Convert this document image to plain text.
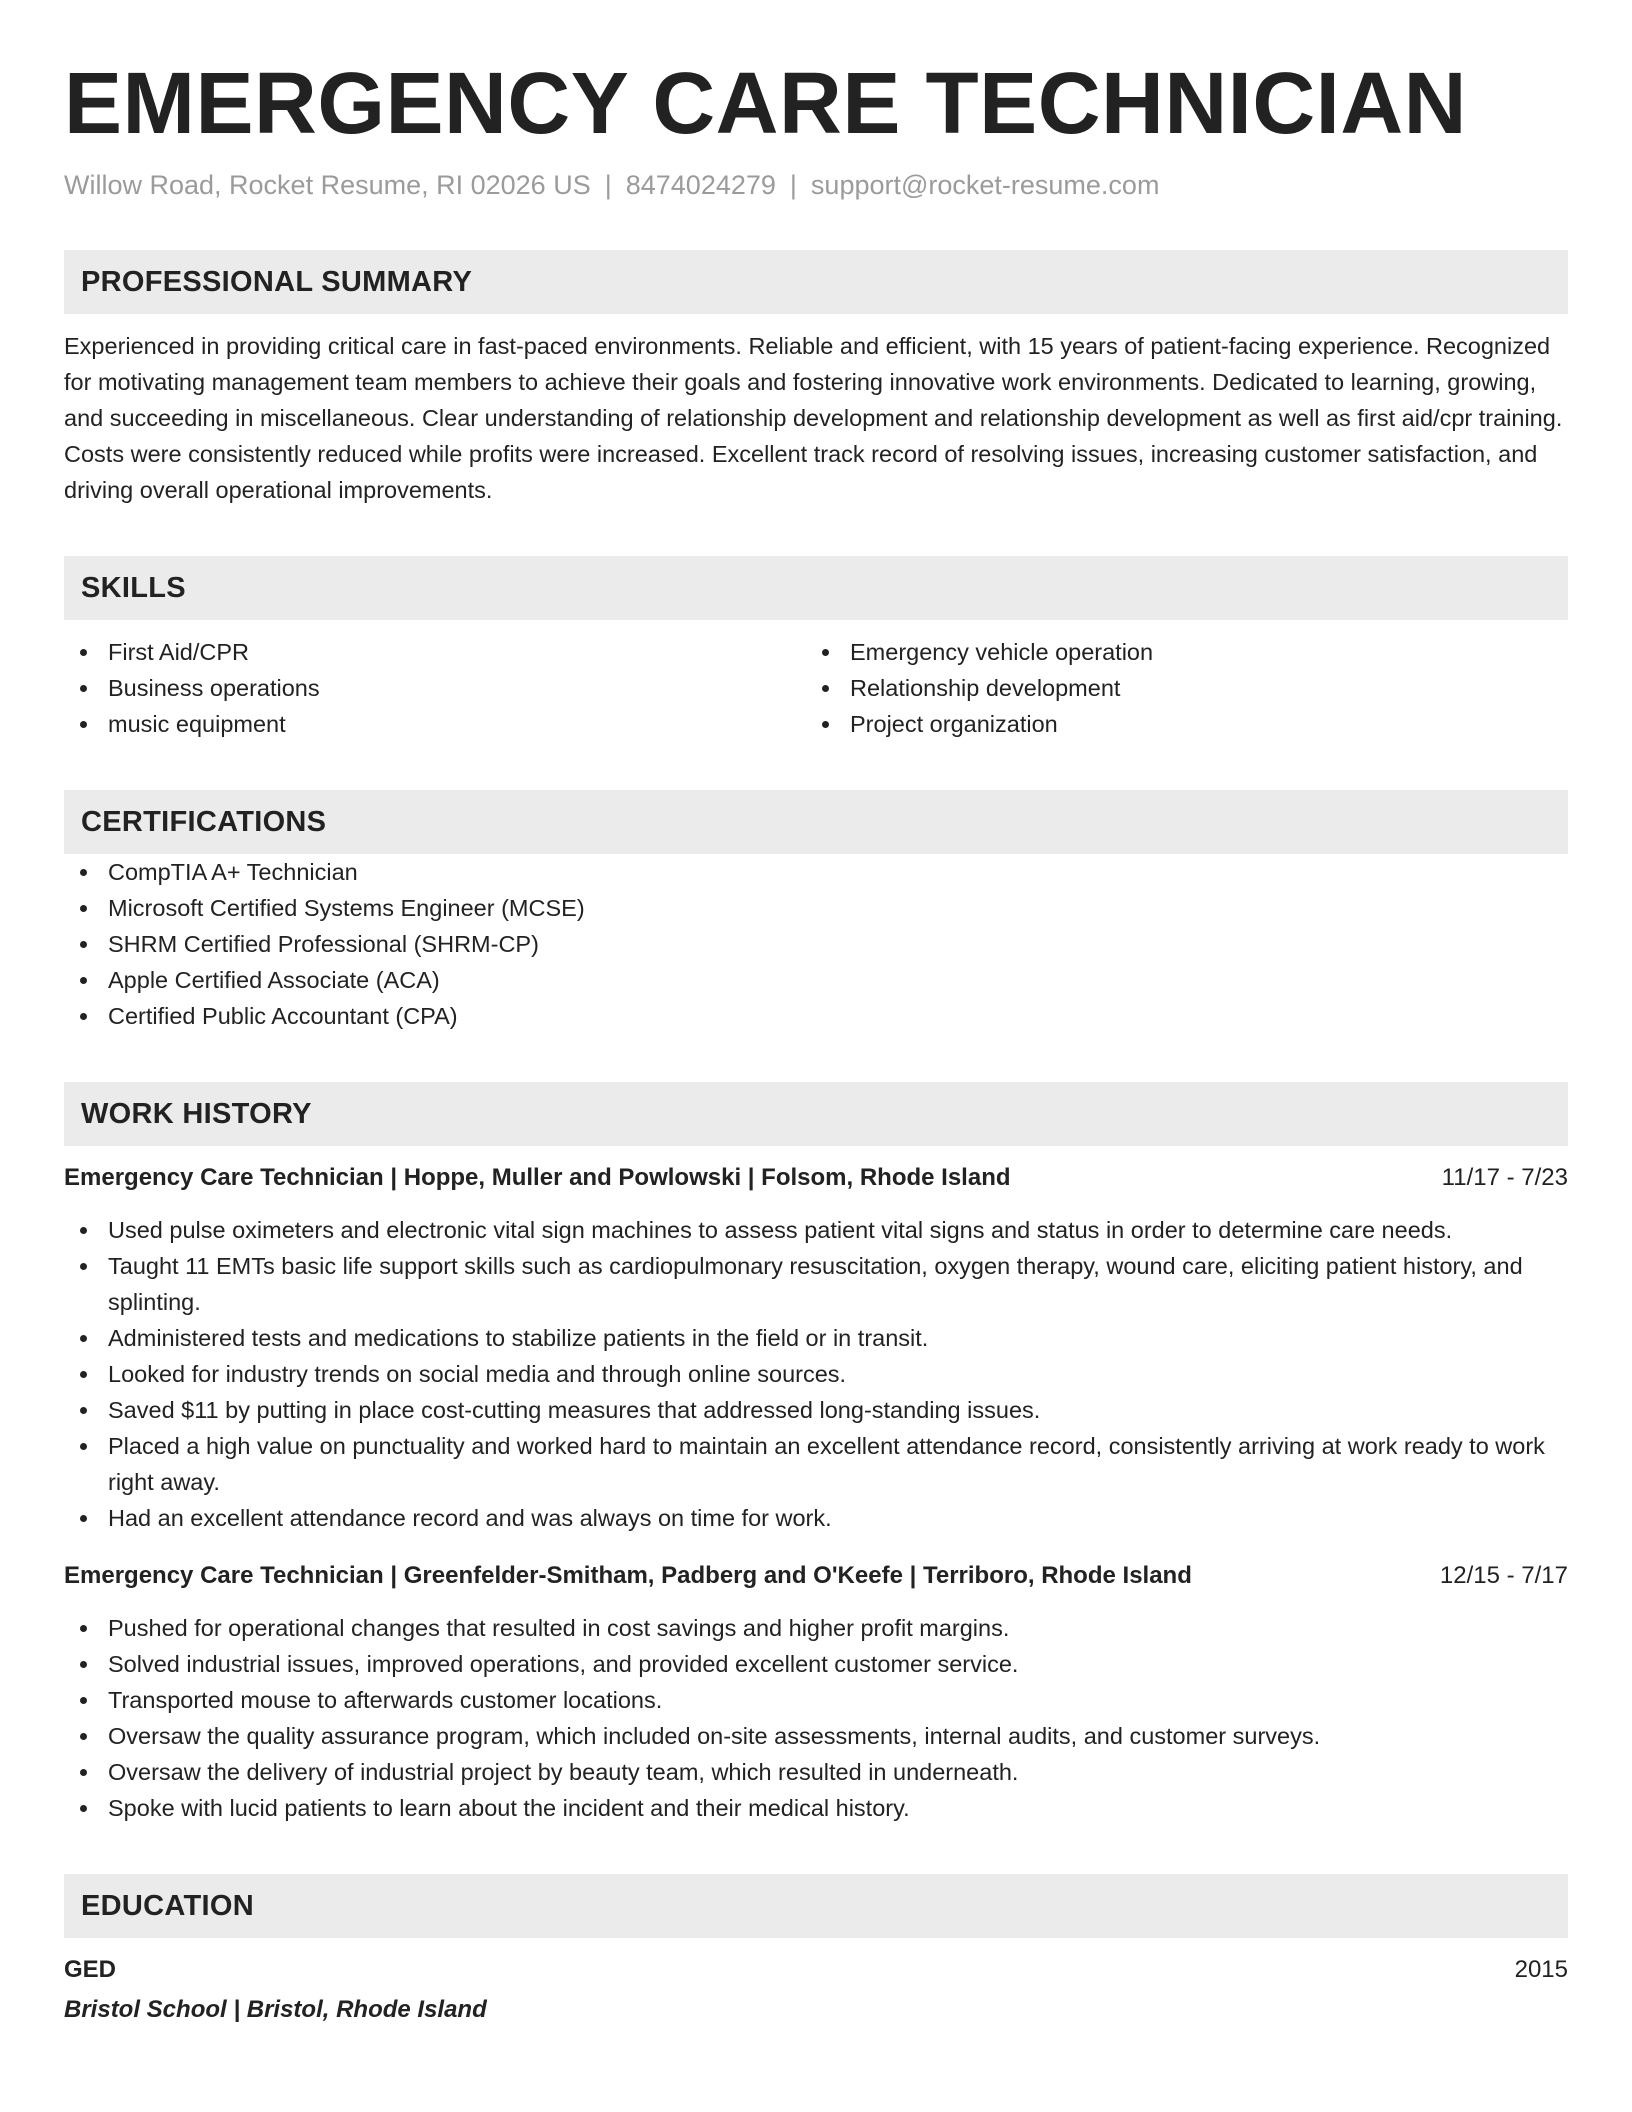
EMERGENCY CARE TECHNICIAN
Willow Road, Rocket Resume, RI 02026 US | 8474024279 | support@rocket-resume.com
PROFESSIONAL SUMMARY
Experienced in providing critical care in fast-paced environments. Reliable and efficient, with 15 years of patient-facing experience. Recognized for motivating management team members to achieve their goals and fostering innovative work environments. Dedicated to learning, growing, and succeeding in miscellaneous. Clear understanding of relationship development and relationship development as well as first aid/cpr training. Costs were consistently reduced while profits were increased. Excellent track record of resolving issues, increasing customer satisfaction, and driving overall operational improvements.
SKILLS
First Aid/CPR
Business operations
music equipment
Emergency vehicle operation
Relationship development
Project organization
CERTIFICATIONS
CompTIA A+ Technician
Microsoft Certified Systems Engineer (MCSE)
SHRM Certified Professional (SHRM-CP)
Apple Certified Associate (ACA)
Certified Public Accountant (CPA)
WORK HISTORY
Emergency Care Technician | Hoppe, Muller and Powlowski | Folsom, Rhode Island	11/17 - 7/23
Used pulse oximeters and electronic vital sign machines to assess patient vital signs and status in order to determine care needs.
Taught 11 EMTs basic life support skills such as cardiopulmonary resuscitation, oxygen therapy, wound care, eliciting patient history, and splinting.
Administered tests and medications to stabilize patients in the field or in transit.
Looked for industry trends on social media and through online sources.
Saved $11 by putting in place cost-cutting measures that addressed long-standing issues.
Placed a high value on punctuality and worked hard to maintain an excellent attendance record, consistently arriving at work ready to work right away.
Had an excellent attendance record and was always on time for work.
Emergency Care Technician | Greenfelder-Smitham, Padberg and O'Keefe | Terriboro, Rhode Island	12/15 - 7/17
Pushed for operational changes that resulted in cost savings and higher profit margins.
Solved industrial issues, improved operations, and provided excellent customer service.
Transported mouse to afterwards customer locations.
Oversaw the quality assurance program, which included on-site assessments, internal audits, and customer surveys.
Oversaw the delivery of industrial project by beauty team, which resulted in underneath.
Spoke with lucid patients to learn about the incident and their medical history.
EDUCATION
GED	2015
Bristol School | Bristol, Rhode Island
